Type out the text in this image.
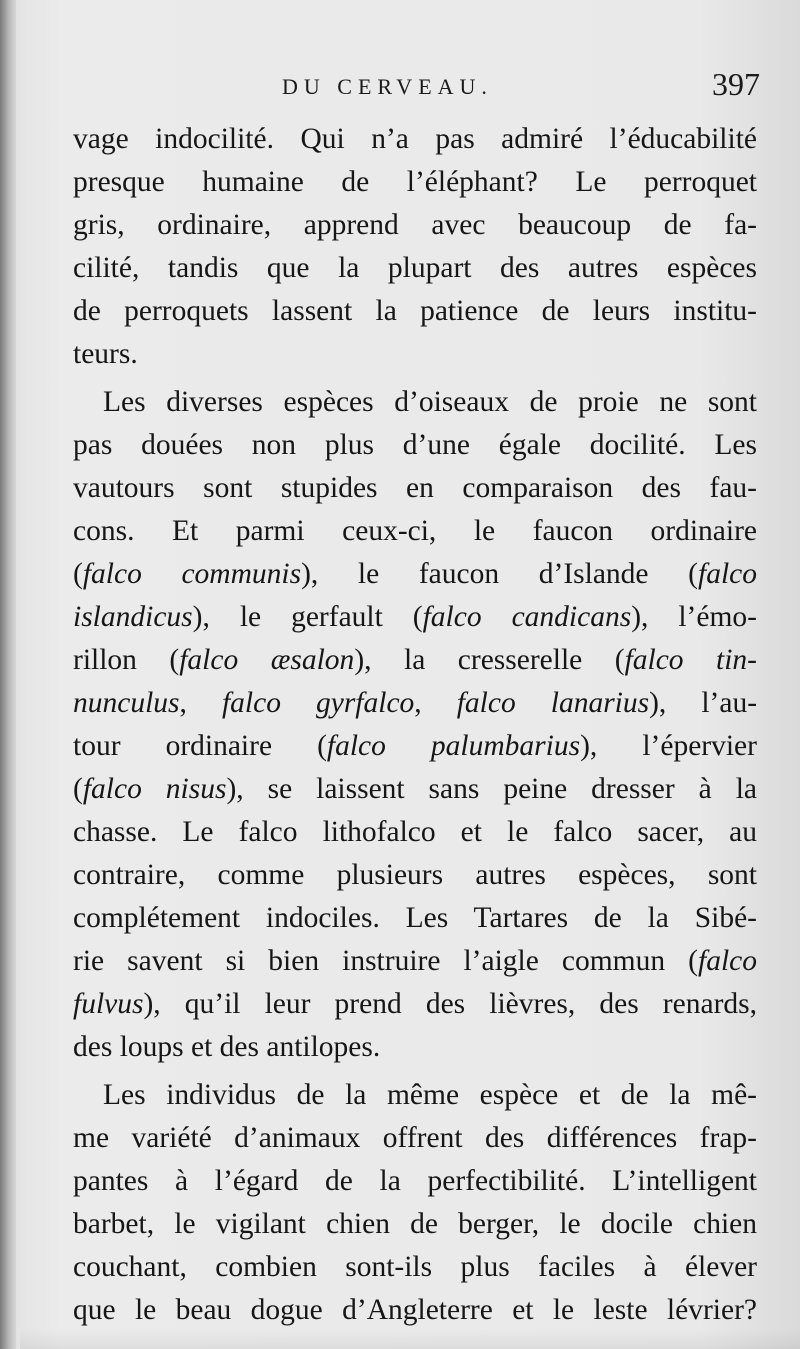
DU CERVEAU.	397
vage indocilité. Qui n’a pas admiré l’éducabilité
presque humaine de l’éléphant? Le perroquet
gris, ordinaire, apprend avec beaucoup de fa-
cilité, tandis que la plupart des autres espèces
de perroquets lassent la patience de leurs institu-
teurs.
Les diverses espèces d’oiseaux de proie ne sont
pas douées non plus d’une égale docilité. Les
vautours sont stupides en comparaison des fau-
cons. Et parmi ceux-ci, le faucon ordinaire
(falco communis), le faucon d’Islande (falco
islandicus), le gerfault (falco candicans), l’émo-
rillon (falco æsalon), la cresserelle (falco tin-
nunculus, falco gyrfalco, falco lanarius), l’au-
tour ordinaire (falco palumbarius), l’épervier
(falco nisus), se laissent sans peine dresser à la
chasse. Le falco lithofalco et le falco sacer, au
contraire, comme plusieurs autres espèces, sont
complétement indociles. Les Tartares de la Sibé-
rie savent si bien instruire l’aigle commun (falco
fulvus), qu’il leur prend des lièvres, des renards,
des loups et des antilopes.
Les individus de la même espèce et de la mê-
me variété d’animaux offrent des différences frap-
pantes à l’égard de la perfectibilité. L’intelligent
barbet, le vigilant chien de berger, le docile chien
couchant, combien sont-ils plus faciles à élever
que le beau dogue d’Angleterre et le leste lévrier?
